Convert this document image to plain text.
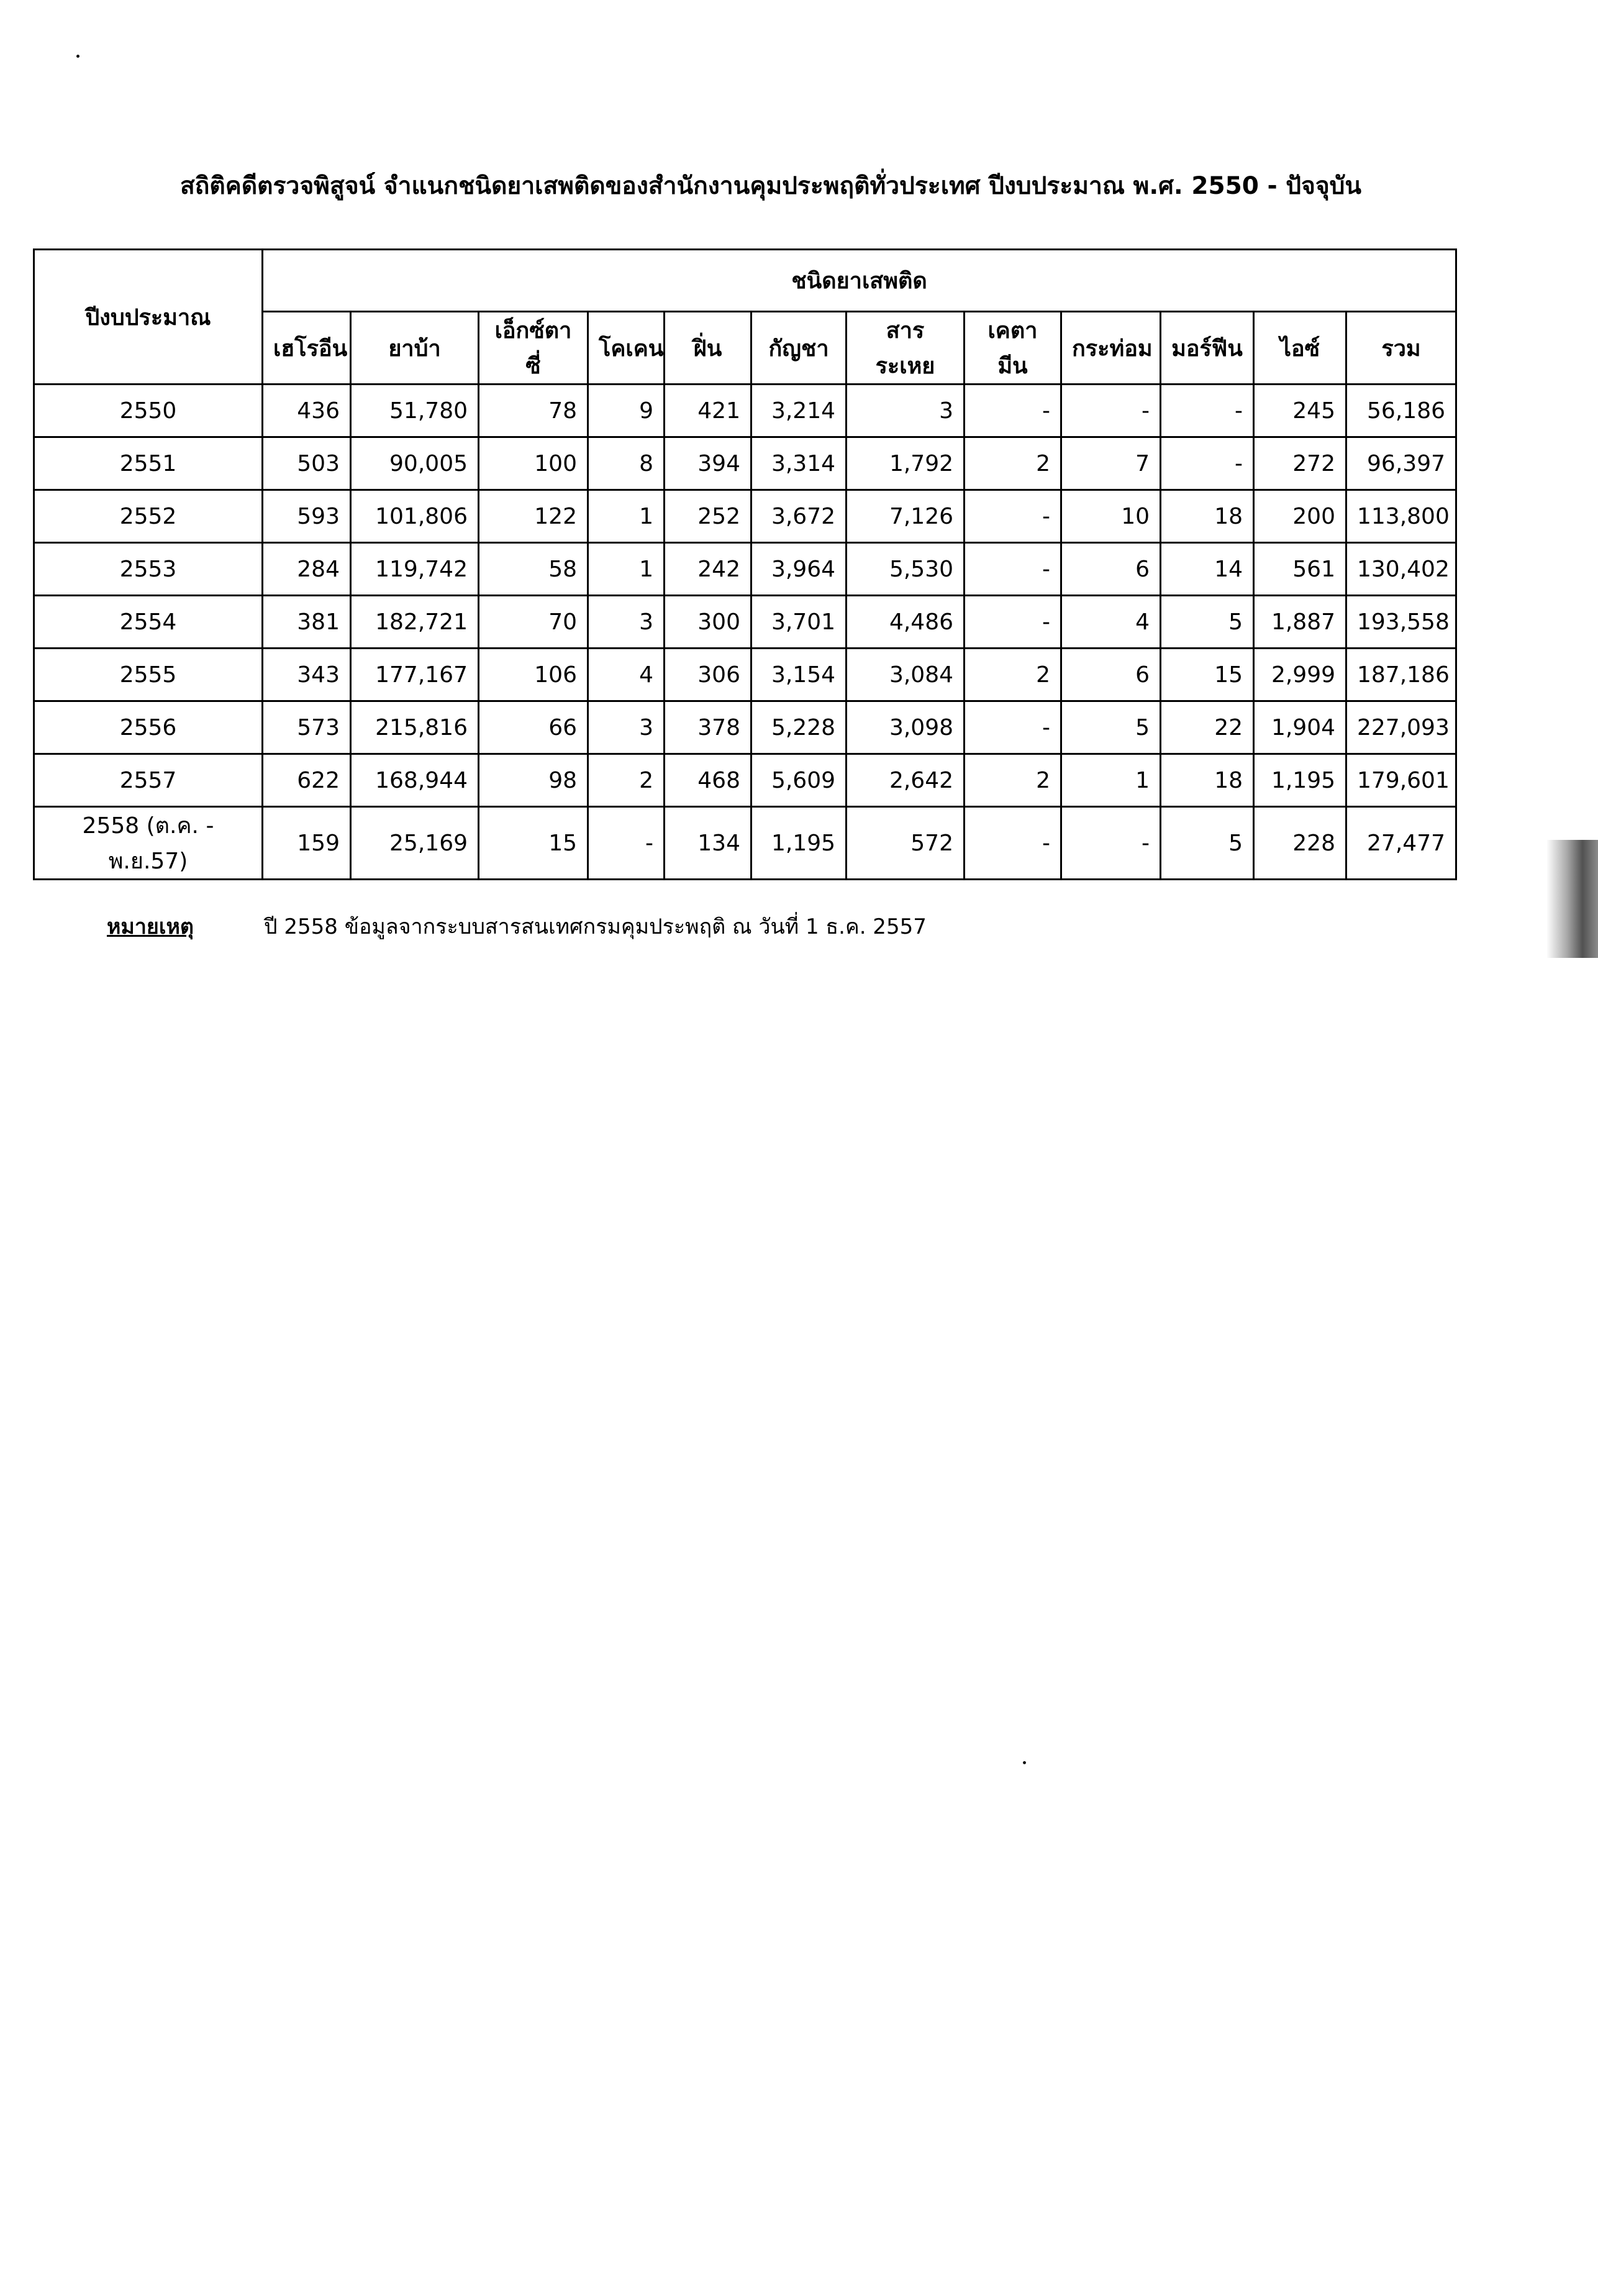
สถิติคดีตรวจพิสูจน์ จำแนกชนิดยาเสพติดของสำนักงานคุมประพฤติทั่วประเทศ ปีงบประมาณ พ.ศ. 2550 - ปัจจุบัน
ปีงบประมาณ	ชนิดยาเสพติด											
	เฮโรอีน	ยาบ้า	เอ็กซ์ตาซี่	โคเคน	ฝิ่น	กัญชา	สารระเหย	เคตามีน	กระท่อม	มอร์ฟีน	ไอซ์	รวม
2550	436	51,780	78	9	421	3,214	3	-	-	-	245	56,186
2551	503	90,005	100	8	394	3,314	1,792	2	7	-	272	96,397
2552	593	101,806	122	1	252	3,672	7,126	-	10	18	200	113,800
2553	284	119,742	58	1	242	3,964	5,530	-	6	14	561	130,402
2554	381	182,721	70	3	300	3,701	4,486	-	4	5	1,887	193,558
2555	343	177,167	106	4	306	3,154	3,084	2	6	15	2,999	187,186
2556	573	215,816	66	3	378	5,228	3,098	-	5	22	1,904	227,093
2557	622	168,944	98	2	468	5,609	2,642	2	1	18	1,195	179,601
2558 (ต.ค. - พ.ย.57)	159	25,169	15	-	134	1,195	572	-	-	5	228	27,477
หมายเหตุ	ปี 2558 ข้อมูลจากระบบสารสนเทศกรมคุมประพฤติ ณ วันที่ 1 ธ.ค. 2557
